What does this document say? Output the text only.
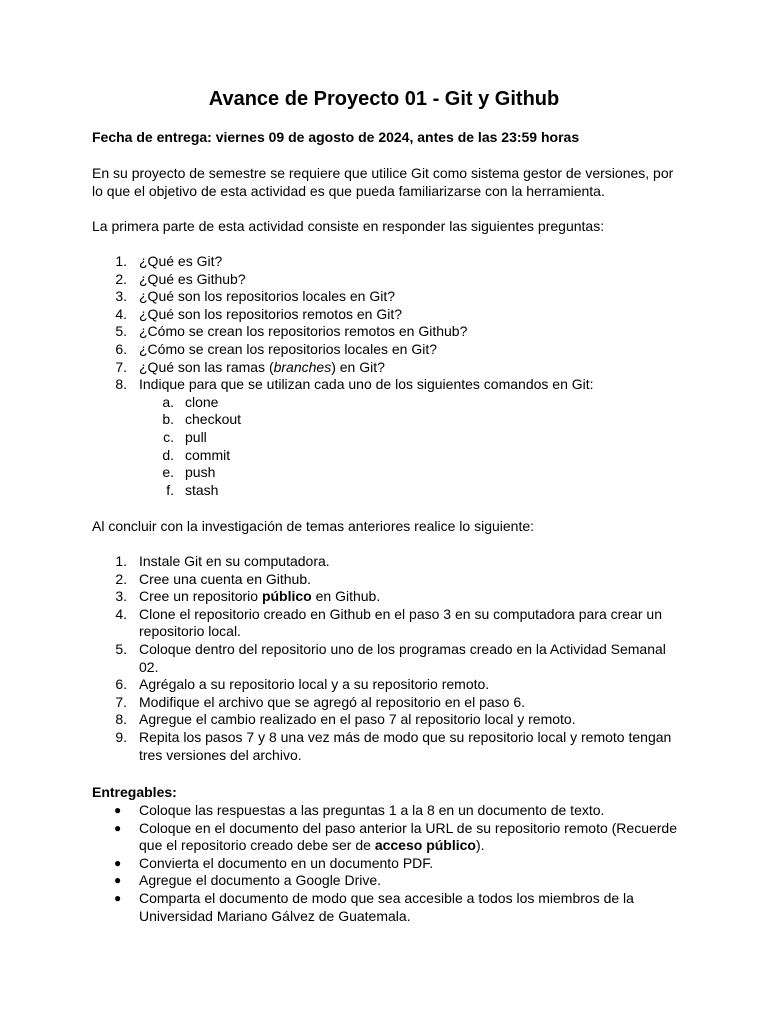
Avance de Proyecto 01 - Git y Github

Fecha de entrega: viernes 09 de agosto de 2024, antes de las 23:59 horas

En su proyecto de semestre se requiere que utilice Git como sistema gestor de versiones, por lo que el objetivo de esta actividad es que pueda familiarizarse con la herramienta.

La primera parte de esta actividad consiste en responder las siguientes preguntas:

1. ¿Qué es Git?
2. ¿Qué es Github?
3. ¿Qué son los repositorios locales en Git?
4. ¿Qué son los repositorios remotos en Git?
5. ¿Cómo se crean los repositorios remotos en Github?
6. ¿Cómo se crean los repositorios locales en Git?
7. ¿Qué son las ramas (branches) en Git?
8. Indique para que se utilizan cada uno de los siguientes comandos en Git:
a. clone
b. checkout
c. pull
d. commit
e. push
f. stash

Al concluir con la investigación de temas anteriores realice lo siguiente:

1. Instale Git en su computadora.
2. Cree una cuenta en Github.
3. Cree un repositorio público en Github.
4. Clone el repositorio creado en Github en el paso 3 en su computadora para crear un repositorio local.
5. Coloque dentro del repositorio uno de los programas creado en la Actividad Semanal 02.
6. Agrégalo a su repositorio local y a su repositorio remoto.
7. Modifique el archivo que se agregó al repositorio en el paso 6.
8. Agregue el cambio realizado en el paso 7 al repositorio local y remoto.
9. Repita los pasos 7 y 8 una vez más de modo que su repositorio local y remoto tengan tres versiones del archivo.

Entregables:

● Coloque las respuestas a las preguntas 1 a la 8 en un documento de texto.
● Coloque en el documento del paso anterior la URL de su repositorio remoto (Recuerde que el repositorio creado debe ser de acceso público).
● Convierta el documento en un documento PDF.
● Agregue el documento a Google Drive.
● Comparta el documento de modo que sea accesible a todos los miembros de la Universidad Mariano Gálvez de Guatemala.
